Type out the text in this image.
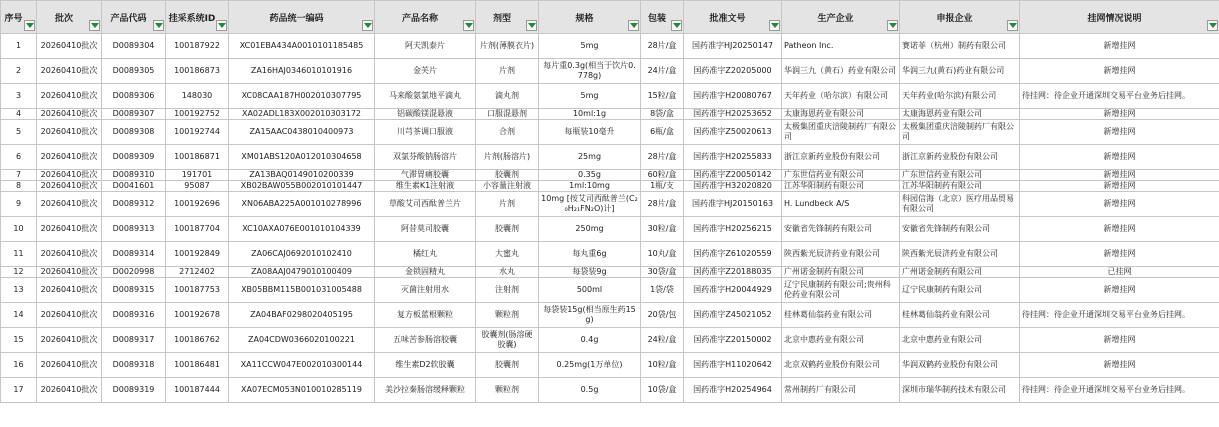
序号	批次	产品代码	挂采系统ID	药品统一编码	产品名称	剂型	规格	包装	批准文号	生产企业	申报企业	挂网情况说明

1	20260410批次	D0089304	100187922	XC01EBA434A0010101185485	阿夫凯泰片	片剂(薄膜衣片)	5mg	28片/盒	国药准字HJ20250147	Patheon Inc.	赛诺菲（杭州）制药有限公司	新增挂网
2	20260410批次	D0089305	100186873	ZA16HAJ0346010101916	金芙片	片剂	每片重0.3g(相当于饮片0.778g)	24片/盒	国药准字Z20205000	华润三九（黄石）药业有限公司	华润三九(黄石)药业有限公司	新增挂网
3	20260410批次	D0089306	148030	XC08CAA187H002010307795	马来酸氨氯地平滴丸	滴丸剂	5mg	15粒/盒	国药准字H20080767	天年药业（哈尔滨）有限公司	天年药业(哈尔滨)有限公司	待挂网：待企业开通深圳交易平台业务后挂网。
4	20260410批次	D0089307	100192752	XA02ADL183X002010303172	铝碳酸镁混悬液	口服混悬剂	10ml:1g	8袋/盒	国药准字H20253652	太康海恩药业有限公司	太康海恩药业有限公司	新增挂网
5	20260410批次	D0089308	100192744	ZA15AAC0438010400973	川芎茶调口服液	合剂	每瓶装10毫升	6瓶/盒	国药准字Z50020613	太极集团重庆涪陵制药厂有限公司	太极集团重庆涪陵制药厂有限公司	新增挂网
6	20260410批次	D0089309	100186871	XM01ABS120A012010304658	双氯芬酸钠肠溶片	片剂(肠溶片)	25mg	28片/盒	国药准字H20255833	浙江京新药业股份有限公司	浙江京新药业股份有限公司	新增挂网
7	20260410批次	D0089310	191701	ZA13BAQ0149010200339	气滞胃痛胶囊	胶囊剂	0.35g	60粒/盒	国药准字Z20050142	广东世信药业有限公司	广东世信药业有限公司	新增挂网
8	20260410批次	D0041601	95087	XB02BAW055B002010101447	维生素K1注射液	小容量注射液	1ml:10mg	1瓶/支	国药准字H32020820	江苏华阳制药有限公司	江苏华阳制药有限公司	新增挂网
9	20260410批次	D0089312	100192696	XN06ABA225A001010278996	草酸艾司西酞普兰片	片剂	10mg [按艾司西酞普兰(C₂₀H₂₁FN₂O)计]	28片/盒	国药准字HJ20150163	H. Lundbeck A/S	科园信海（北京）医疗用品贸易有限公司	新增挂网
10	20260410批次	D0089313	100187704	XC10AXA076E001010104339	阿昔莫司胶囊	胶囊剂	250mg	30粒/盒	国药准字H20256215	安徽省先锋制药有限公司	安徽省先锋制药有限公司	新增挂网
11	20260410批次	D0089314	100192849	ZA06CAJ0692010102410	橘红丸	大蜜丸	每丸重6g	10丸/盒	国药准字Z61020559	陕西紫光辰济药业有限公司	陕西紫光辰济药业有限公司	新增挂网
12	20260410批次	D0020998	2712402	ZA08AAJ0479010100409	金锁固精丸	水丸	每袋装9g	30袋/盒	国药准字Z20188035	广州诺金制药有限公司	广州诺金制药有限公司	已挂网
13	20260410批次	D0089315	100187753	XB05BBM115B001031005488	灭菌注射用水	注射剂	500ml	1袋/袋	国药准字H20044929	辽宁民康制药有限公司;贵州科伦药业有限公司	辽宁民康制药有限公司	新增挂网
14	20260410批次	D0089316	100192678	ZA04BAF0298020405195	复方板蓝根颗粒	颗粒剂	每袋装15g(相当原生药15g)	20袋/包	国药准字Z45021052	桂林葛仙翁药业有限公司	桂林葛仙翁药业有限公司	待挂网：待企业开通深圳交易平台业务后挂网。
15	20260410批次	D0089317	100186762	ZA04CDW0366020100221	五味苦参肠溶胶囊	胶囊剂(肠溶硬胶囊)	0.4g	24粒/盒	国药准字Z20150002	北京中惠药业有限公司	北京中惠药业有限公司	新增挂网
16	20260410批次	D0089318	100186481	XA11CCW047E002010300144	维生素D2软胶囊	胶囊剂	0.25mg(1万单位)	10粒/盒	国药准字H11020642	北京双鹤药业股份有限公司	华润双鹤药业股份有限公司	新增挂网
17	20260410批次	D0089319	100187444	XA07ECM053N010010285119	美沙拉秦肠溶缓释颗粒	颗粒剂	0.5g	10袋/盒	国药准字H20254964	常州制药厂有限公司	深圳市瑞华制药技术有限公司	待挂网：待企业开通深圳交易平台业务后挂网。
